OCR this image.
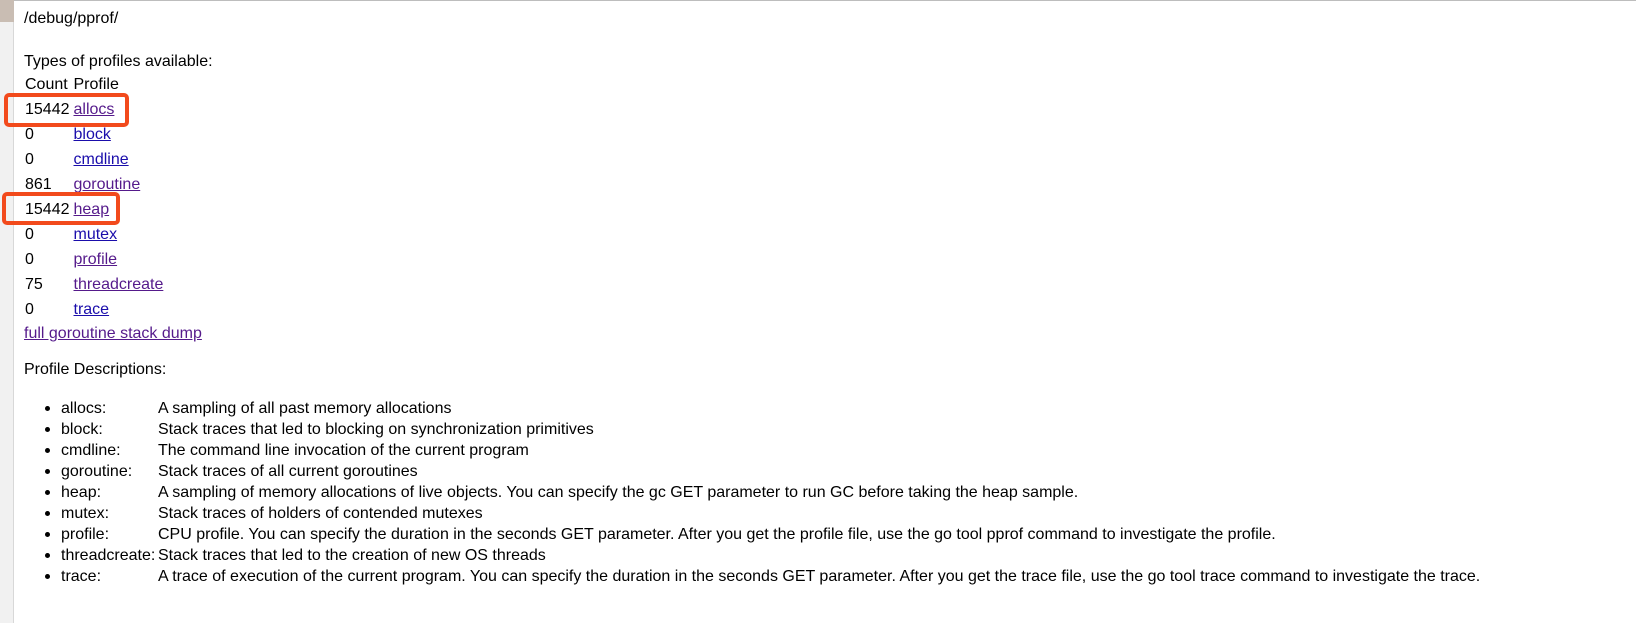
/debug/pprof/
Types of profiles available:
Count	Profile
15442	allocs
0	block
0	cmdline
861	goroutine
15442	heap
0	mutex
0	profile
75	threadcreate
0	trace
full goroutine stack dump
Profile Descriptions:
allocs:	A sampling of all past memory allocations
block:	Stack traces that led to blocking on synchronization primitives
cmdline: The command line invocation of the current program
goroutine: Stack traces of all current goroutines
heap:	A sampling of memory allocations of live objects. You can specify the gc GET parameter to run GC before taking the heap sample.
mutex:	Stack traces of holders of contended mutexes
profile:	CPU profile. You can specify the duration in the seconds GET parameter. After you get the profile file, use the go tool pprof command to investigate the profile.
threadcreate: Stack traces that led to the creation of new OS threads
trace:	A trace of execution of the current program. You can specify the duration in the seconds GET parameter. After you get the trace file, use the go tool trace command to investigate the trace.
